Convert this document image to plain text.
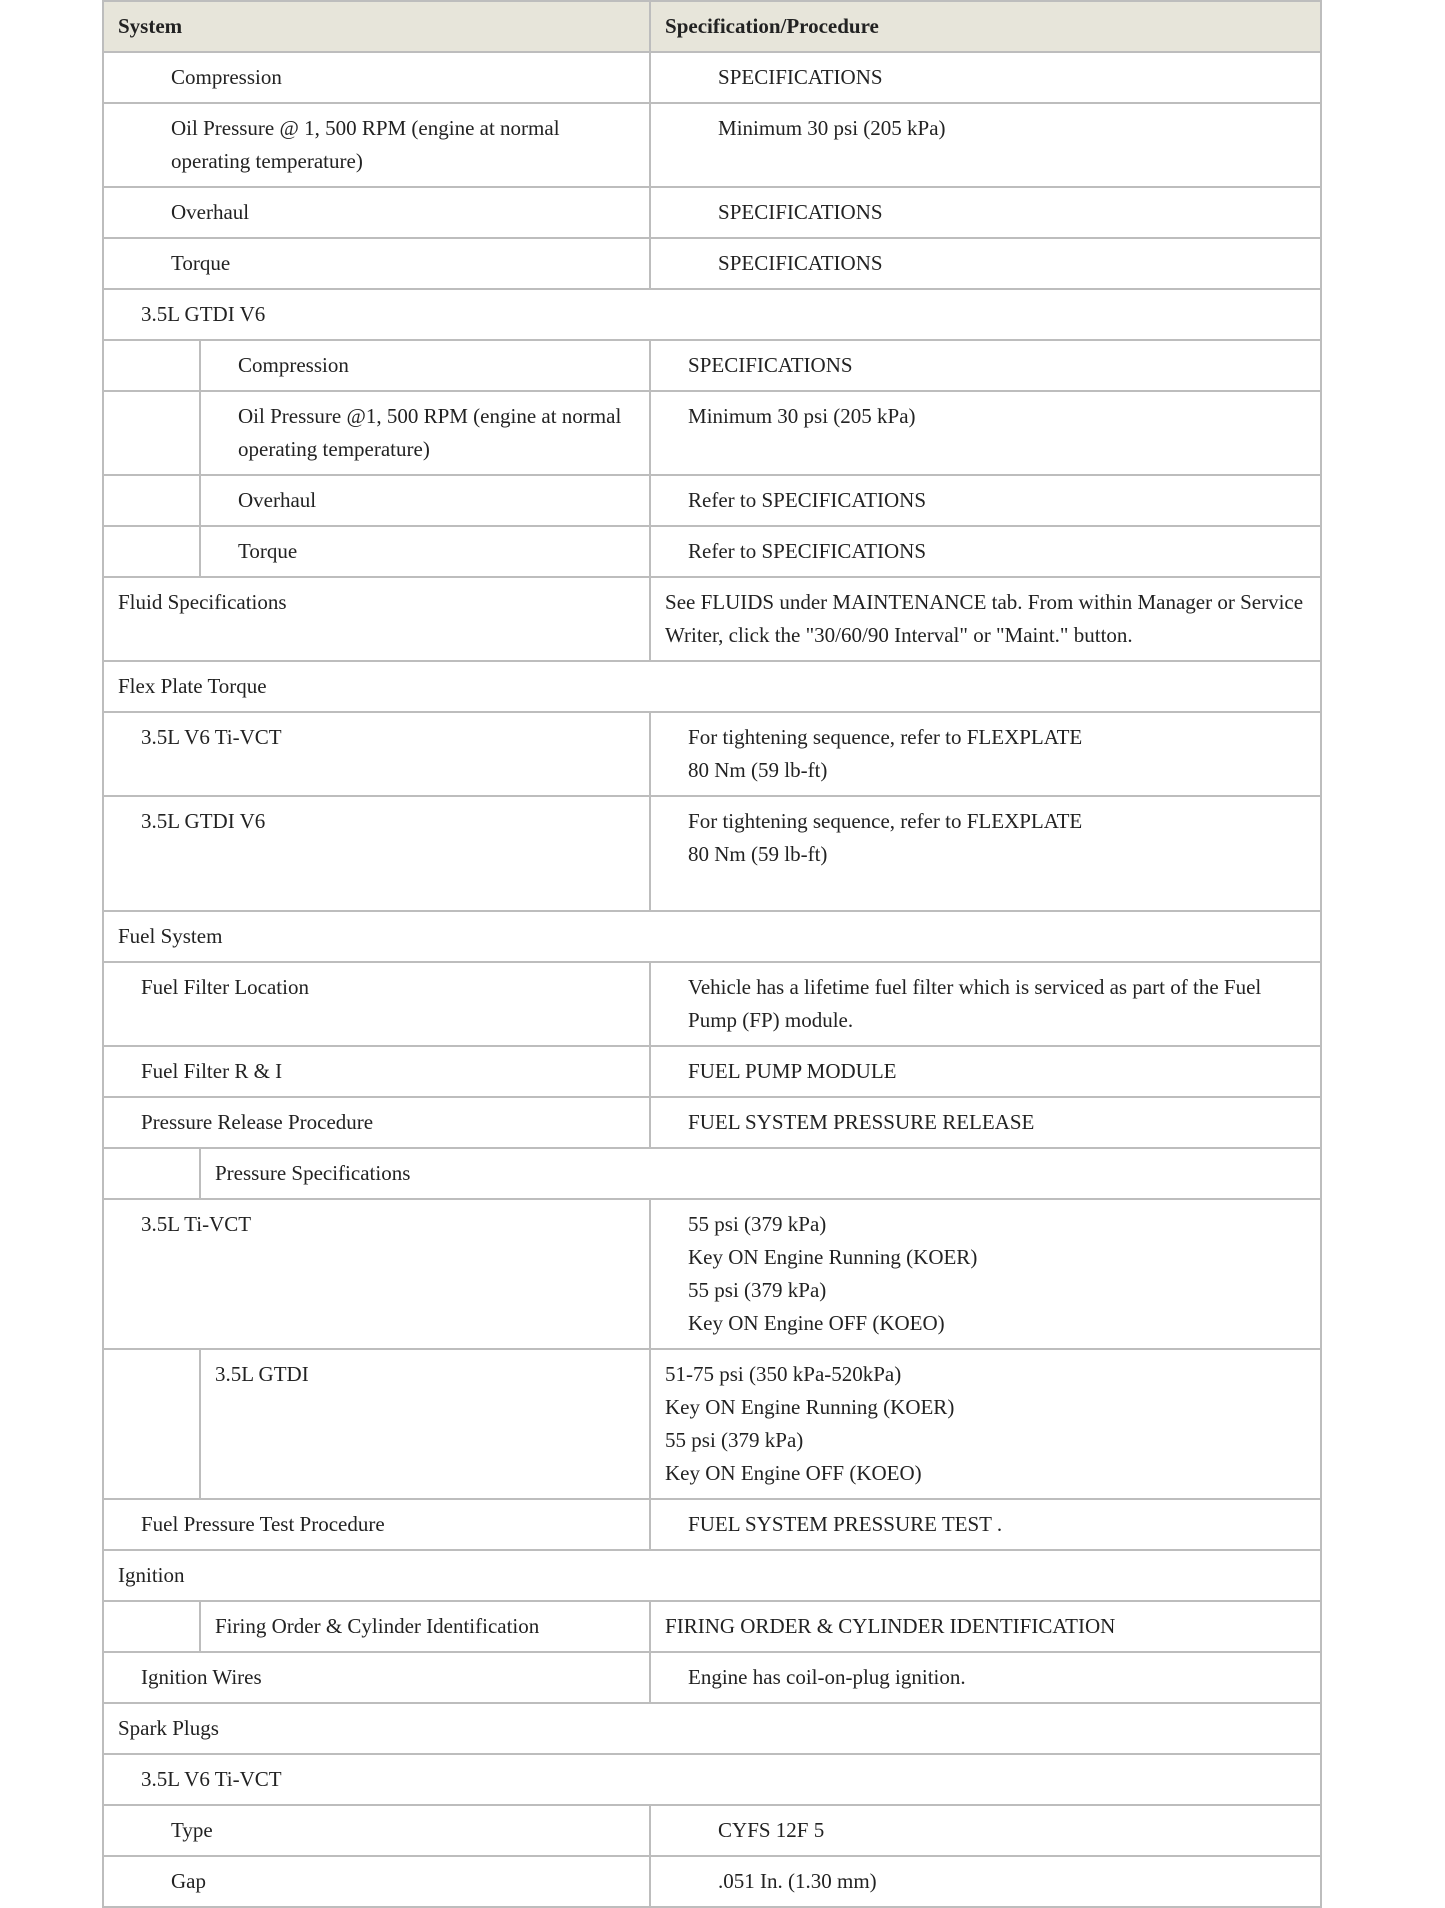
System		Specification/Procedure
Compression		SPECIFICATIONS
Oil Pressure @ 1, 500 RPM (engine at normal operating temperature)		Minimum 30 psi (205 kPa)
Overhaul		SPECIFICATIONS
Torque		SPECIFICATIONS
3.5L GTDI V6		
	Compression	SPECIFICATIONS
	Oil Pressure @1, 500 RPM (engine at normal operating temperature)	Minimum 30 psi (205 kPa)
	Overhaul	Refer to SPECIFICATIONS
	Torque	Refer to SPECIFICATIONS
Fluid Specifications		See FLUIDS under MAINTENANCE tab. From within Manager or Service Writer, click the "30/60/90 Interval" or "Maint." button.
Flex Plate Torque		
3.5L V6 Ti-VCT		For tightening sequence, refer to FLEXPLATE
80 Nm (59 lb-ft)

3.5L GTDI V6		For tightening sequence, refer to FLEXPLATE
80 Nm (59 lb-ft)

Fuel System		
Fuel Filter Location		Vehicle has a lifetime fuel filter which is serviced as part of the Fuel Pump (FP) module.
Fuel Filter R & I		FUEL PUMP MODULE
Pressure Release Procedure		FUEL SYSTEM PRESSURE RELEASE
	Pressure Specifications	
3.5L Ti-VCT		55 psi (379 kPa)
Key ON Engine Running (KOER)
55 psi (379 kPa)
Key ON Engine OFF (KOEO)

	3.5L GTDI	51-75 psi (350 kPa-520kPa)
Key ON Engine Running (KOER)
55 psi (379 kPa)
Key ON Engine OFF (KOEO)

Fuel Pressure Test Procedure		FUEL SYSTEM PRESSURE TEST .
Ignition		
	Firing Order & Cylinder Identification	FIRING ORDER & CYLINDER IDENTIFICATION
Ignition Wires		Engine has coil-on-plug ignition.
Spark Plugs		
3.5L V6 Ti-VCT		
Type		CYFS 12F 5
Gap		.051 In. (1.30 mm)
